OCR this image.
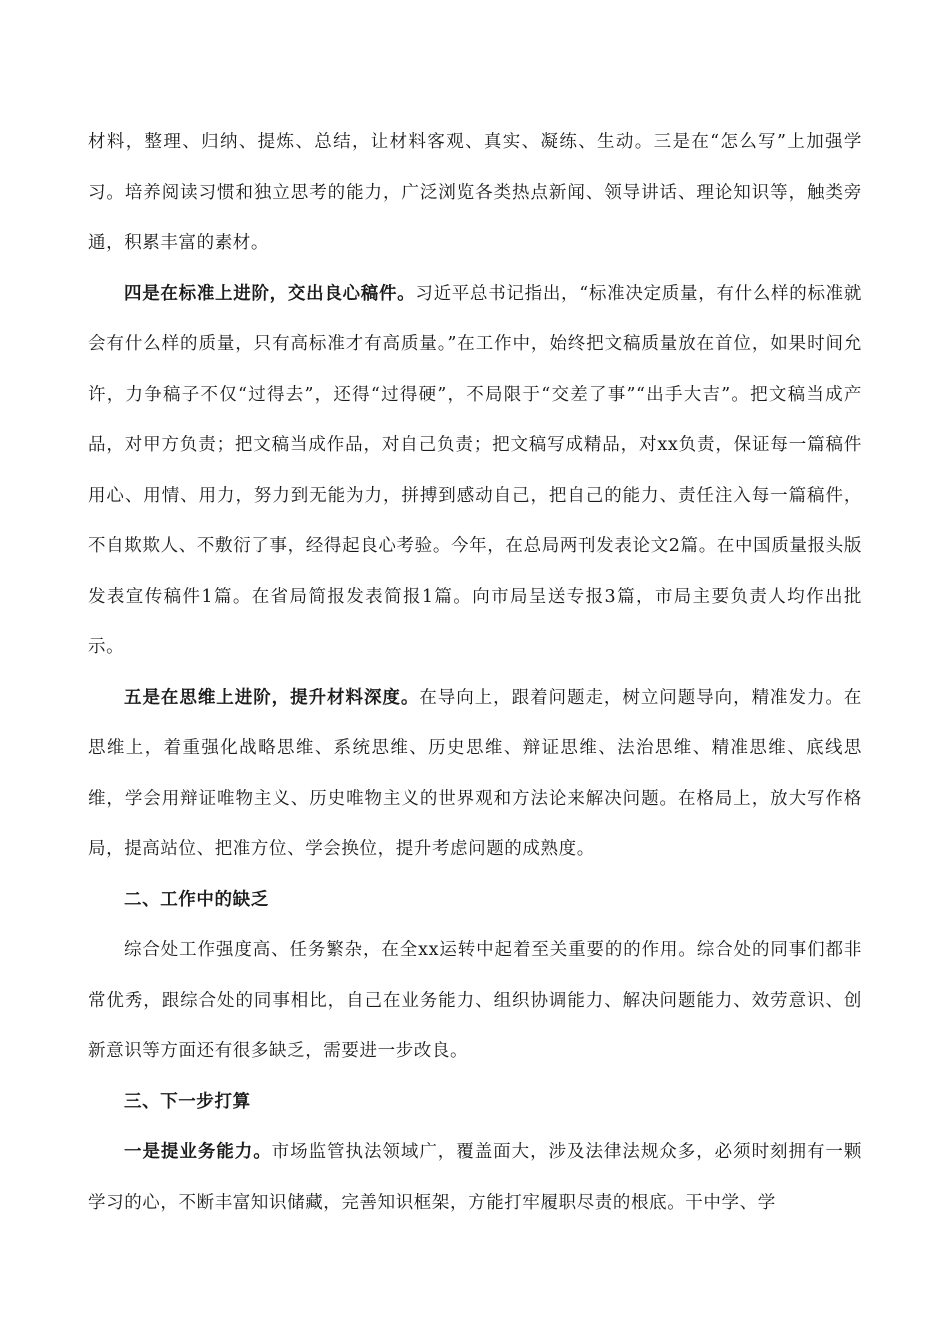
材料，整理、归纳、提炼、总结，让材料客观、真实、凝练、生动。三是在“怎么写”上加强学习。培养阅读习惯和独立思考的能力，广泛浏览各类热点新闻、领导讲话、理论知识等，触类旁通，积累丰富的素材。

四是在标准上进阶，交出良心稿件。习近平总书记指出，“标准决定质量，有什么样的标准就会有什么样的质量，只有高标准才有高质量。”在工作中，始终把文稿质量放在首位，如果时间允许，力争稿子不仅“过得去”，还得“过得硬”，不局限于“交差了事”“出手大吉”。把文稿当成产品，对甲方负责；把文稿当成作品，对自己负责；把文稿写成精品，对xx负责，保证每一篇稿件用心、用情、用力，努力到无能为力，拼搏到感动自己，把自己的能力、责任注入每一篇稿件，不自欺欺人、不敷衍了事，经得起良心考验。今年，在总局两刊发表论文2篇。在中国质量报头版发表宣传稿件1篇。在省局简报发表简报1篇。向市局呈送专报3篇，市局主要负责人均作出批示。

五是在思维上进阶，提升材料深度。在导向上，跟着问题走，树立问题导向，精准发力。在思维上，着重强化战略思维、系统思维、历史思维、辩证思维、法治思维、精准思维、底线思维，学会用辩证唯物主义、历史唯物主义的世界观和方法论来解决问题。在格局上，放大写作格局，提高站位、把准方位、学会换位，提升考虑问题的成熟度。

二、工作中的缺乏

综合处工作强度高、任务繁杂，在全xx运转中起着至关重要的的作用。综合处的同事们都非常优秀，跟综合处的同事相比，自己在业务能力、组织协调能力、解决问题能力、效劳意识、创新意识等方面还有很多缺乏，需要进一步改良。

三、下一步打算

一是提业务能力。市场监管执法领域广，覆盖面大，涉及法律法规众多，必须时刻拥有一颗学习的心，不断丰富知识储藏，完善知识框架，方能打牢履职尽责的根底。干中学、学
